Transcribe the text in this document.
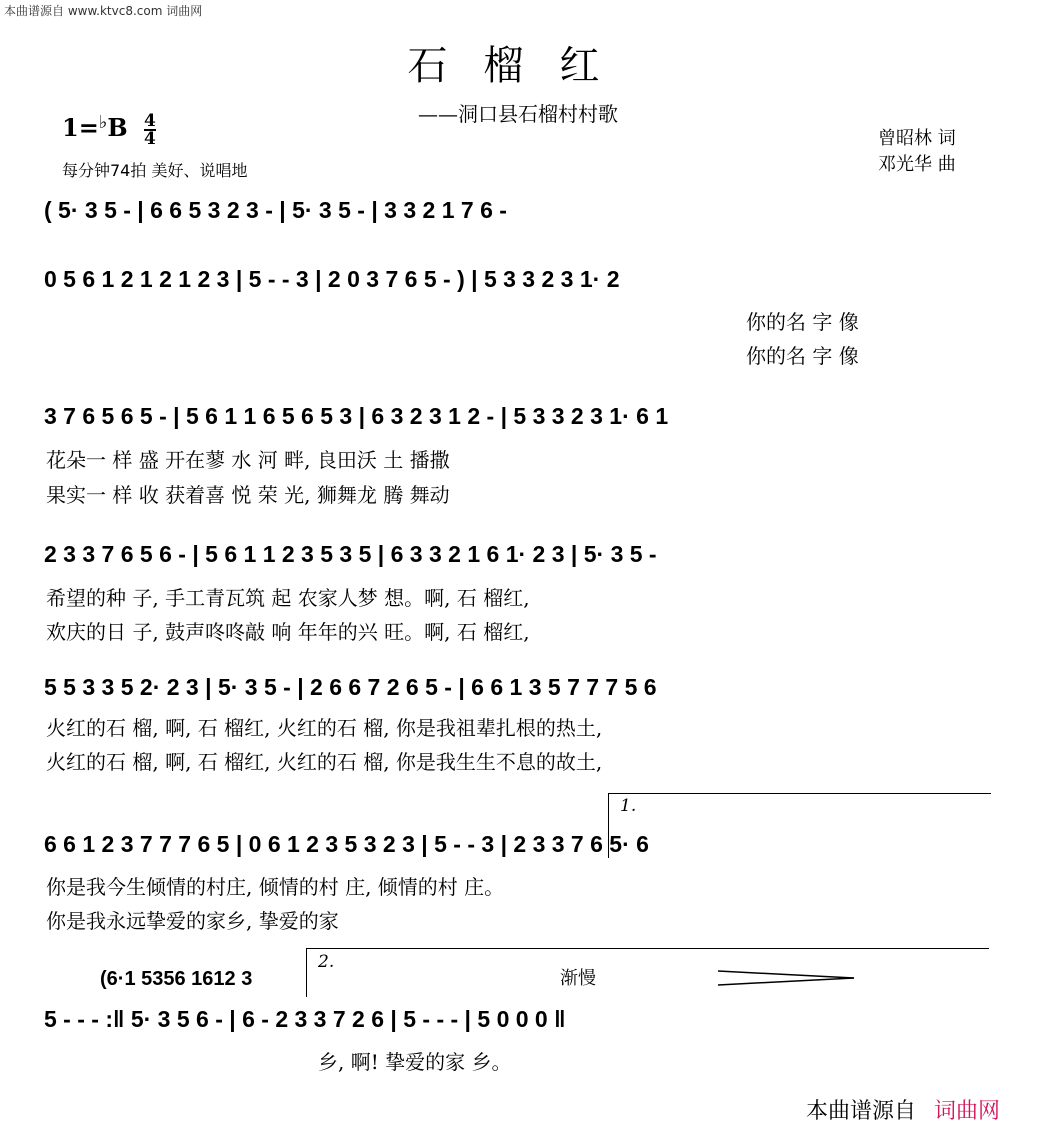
本曲谱源自 www.ktvc8.com 词曲网
石榴红
——洞口县石榴村村歌
$1=^♭B \frac{4}{4}$
每分钟74拍 美好、说唱地
曾昭林 词
邓光华 曲
( 5· 3 5 - | 6 6 5 3 2 3 - | 5· 3 5 - | 3 3 2 1 7 6 -
0 5 6 1 2 1 2 1 2 3 | 5 - - 3 | 2 0 3 7 6 5 - ) | 5 3 3 2 3 1· 2
你的名 字 像
你的名 字 像
3 7 6 5 6 5 - | 5 6 1 1 6 5 6 5 3 | 6 3 2 3 1 2 - | 5 3 3 2 3 1· 6 1
花朵一 样 盛 开在蓼 水 河 畔, 良田沃 土 播撒
果实一 样 收 获着喜 悦 荣 光, 狮舞龙 腾 舞动
2 3 3 7 6 5 6 - | 5 6 1 1 2 3 5 3 5 | 6 3 3 2 1 6 1· 2 3 | 5· 3 5 -
希望的种 子, 手工青瓦筑 起 农家人梦 想。啊, 石 榴红,
欢庆的日 子, 鼓声咚咚敲 响 年年的兴 旺。啊, 石 榴红,
5 5 3 3 5 2· 2 3 | 5· 3 5 - | 2 6 6 7 2 6 5 - | 6 6 1 3 5 7 7 7 5 6
火红的石 榴, 啊, 石 榴红, 火红的石 榴, 你是我祖辈扎根的热土,
火红的石 榴, 啊, 石 榴红, 火红的石 榴, 你是我生生不息的故土,
1.
6 6 1 2 3 7 7 7 6 5 | 0 6 1 2 3 5 3 2 3 | 5 - - 3 | 2 3 3 7 6 5· 6
你是我今生倾情的村庄, 倾情的村 庄, 倾情的村 庄。
你是我永远挚爱的家乡, 挚爱的家
(6·1 5356 1612 3
2.
渐慢
5 - - - :‖ 5· 3 5 6 - | 6 - 2 3 3 7 2 6 | 5 - - - | 5 0 0 0 ‖
乡, 啊! 挚爱的家 乡。
本曲谱源自 词曲网
